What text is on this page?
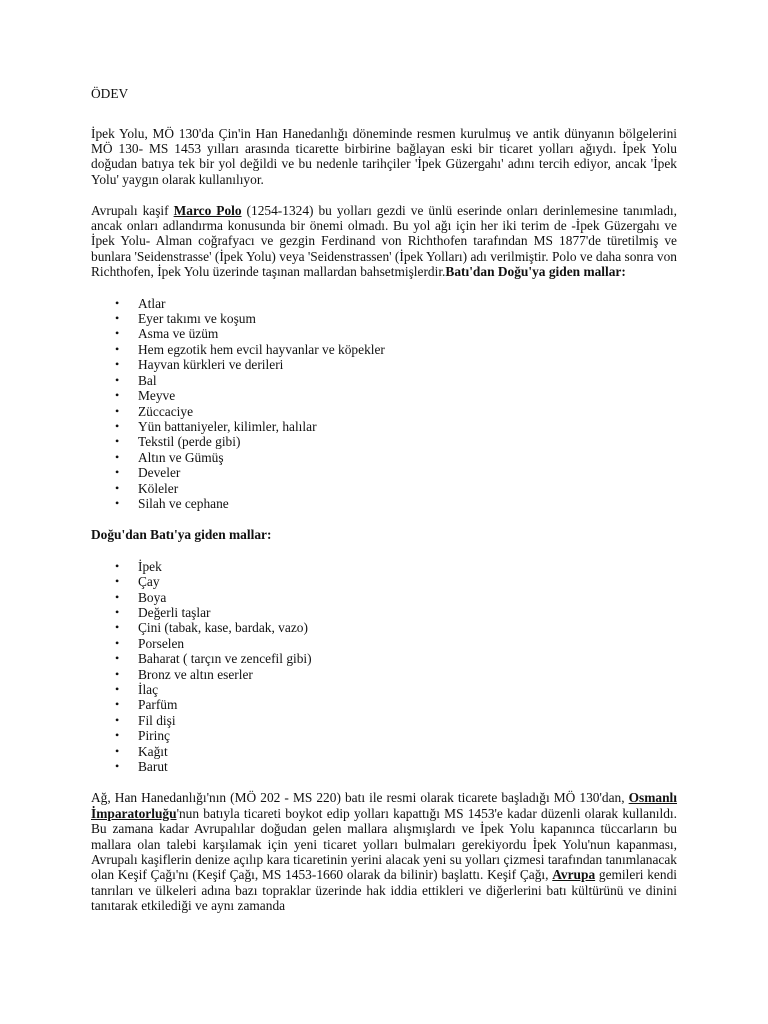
ÖDEV

İpek Yolu, MÖ 130'da Çin'in Han Hanedanlığı döneminde resmen kurulmuş ve antik dünyanın bölgelerini MÖ 130- MS 1453 yılları arasında ticarette birbirine bağlayan eski bir ticaret yolları ağıydı. İpek Yolu doğudan batıya tek bir yol değildi ve bu nedenle tarihçiler 'İpek Güzergahı' adını tercih ediyor, ancak 'İpek Yolu' yaygın olarak kullanılıyor.

Avrupalı kaşif Marco Polo (1254-1324) bu yolları gezdi ve ünlü eserinde onları derinlemesine tanımladı, ancak onları adlandırma konusunda bir önemi olmadı. Bu yol ağı için her iki terim de -İpek Güzergahı ve İpek Yolu- Alman coğrafyacı ve gezgin Ferdinand von Richthofen tarafından MS 1877'de türetilmiş ve bunlara 'Seidenstrasse' (İpek Yolu) veya 'Seidenstrassen' (İpek Yolları) adı verilmiştir. Polo ve daha sonra von Richthofen, İpek Yolu üzerinde taşınan mallardan bahsetmişlerdir.Batı'dan Doğu'ya giden mallar:

• Atlar
• Eyer takımı ve koşum
• Asma ve üzüm
• Hem egzotik hem evcil hayvanlar ve köpekler
• Hayvan kürkleri ve derileri
• Bal
• Meyve
• Züccaciye
• Yün battaniyeler, kilimler, halılar
• Tekstil (perde gibi)
• Altın ve Gümüş
• Develer
• Köleler
• Silah ve cephane
Doğu'dan Batı'ya giden mallar:
• İpek
• Çay
• Boya
• Değerli taşlar
• Çini (tabak, kase, bardak, vazo)
• Porselen
• Baharat ( tarçın ve zencefil gibi)
• Bronz ve altın eserler
• İlaç
• Parfüm
• Fil dişi
• Pirinç
• Kağıt
• Barut

Ağ, Han Hanedanlığı'nın (MÖ 202 - MS 220) batı ile resmi olarak ticarete başladığı MÖ 130'dan, Osmanlı İmparatorluğu'nun batıyla ticareti boykot edip yolları kapattığı MS 1453'e kadar düzenli olarak kullanıldı. Bu zamana kadar Avrupalılar doğudan gelen mallara alışmışlardı ve İpek Yolu kapanınca tüccarların bu mallara olan talebi karşılamak için yeni ticaret yolları bulmaları gerekiyordu İpek Yolu'nun kapanması, Avrupalı kaşiflerin denize açılıp kara ticaretinin yerini alacak yeni su yolları çizmesi tarafından tanımlanacak olan Keşif Çağı'nı (Keşif Çağı, MS 1453-1660 olarak da bilinir) başlattı. Keşif Çağı, Avrupa gemileri kendi tanrıları ve ülkeleri adına bazı topraklar üzerinde hak iddia ettikleri ve diğerlerini batı kültürünü ve dinini tanıtarak etkilediği ve aynı zamanda
